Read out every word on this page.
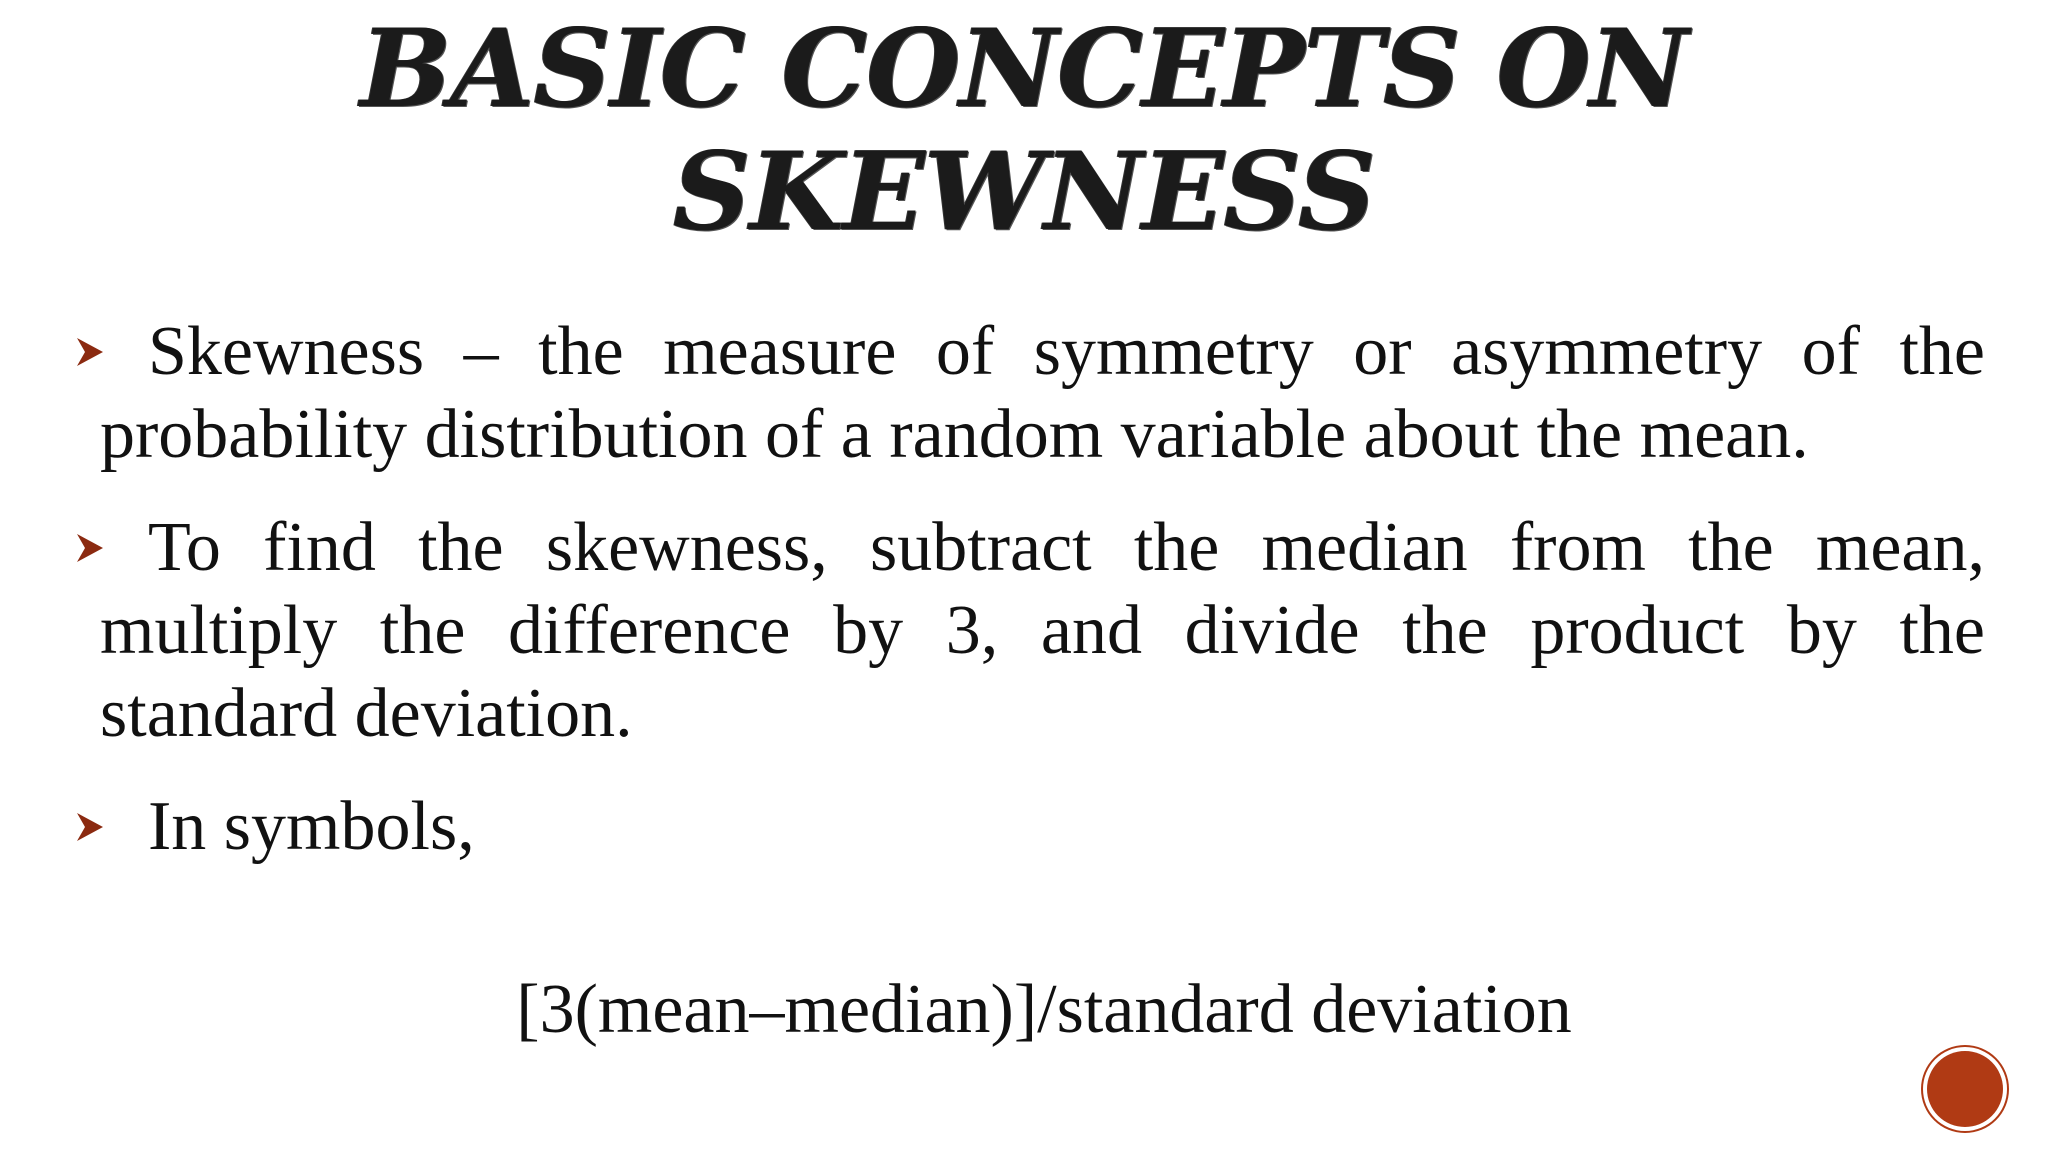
BASIC CONCEPTS ON
SKEWNESS
Skewness – the measure of symmetry or asymmetry of the probability distribution of a random variable about the mean.
To find the skewness, subtract the median from the mean, multiply the difference by 3, and divide the product by the standard deviation.
In symbols,
[3(mean–median)]/standard deviation
